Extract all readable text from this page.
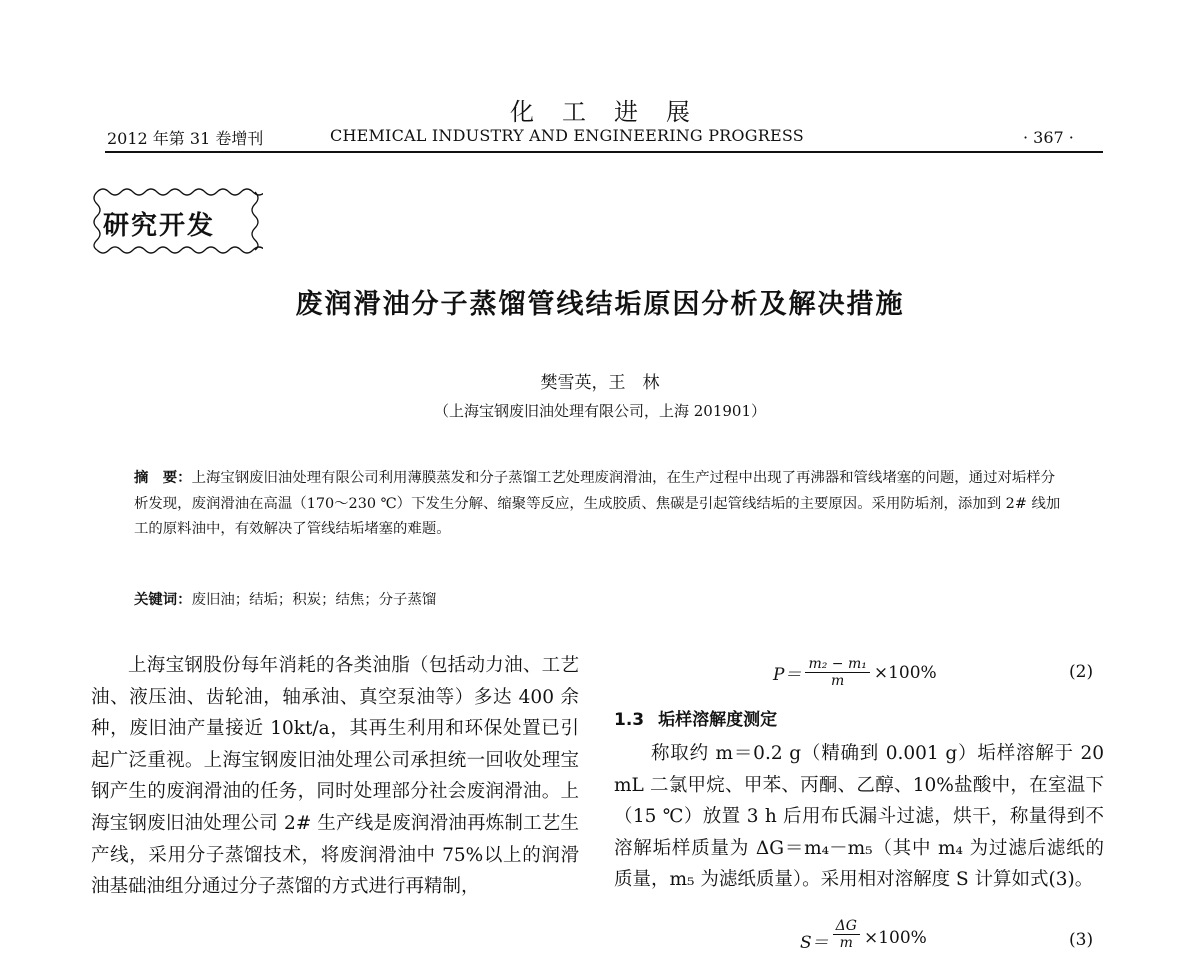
化工进展
2012 年第 31 卷增刊	CHEMICAL INDUSTRY AND ENGINEERING PROGRESS	· 367 ·
研究开发
废润滑油分子蒸馏管线结垢原因分析及解决措施
樊雪英，王　林
（上海宝钢废旧油处理有限公司，上海 201901）
摘　要：上海宝钢废旧油处理有限公司利用薄膜蒸发和分子蒸馏工艺处理废润滑油，在生产过程中出现了再沸器和管线堵塞的问题，通过对垢样分析发现，废润滑油在高温（170～230 ℃）下发生分解、缩聚等反应，生成胶质、焦碳是引起管线结垢的主要原因。采用防垢剂，添加到 2# 线加工的原料油中，有效解决了管线结垢堵塞的难题。
关键词：废旧油；结垢；积炭；结焦；分子蒸馏

上海宝钢股份每年消耗的各类油脂（包括动力油、工艺油、液压油、齿轮油，轴承油、真空泵油等）多达 400 余种，废旧油产量接近 10kt/a，其再生利用和环保处置已引起广泛重视。上海宝钢废旧油处理公司承担统一回收处理宝钢产生的废润滑油的任务，同时处理部分社会废润滑油。上海宝钢废旧油处理公司 2# 生产线是废润滑油再炼制工艺生产线，采用分子蒸馏技术，将废润滑油中 75%以上的润滑油基础油组分通过分子蒸馏的方式进行再精制，

$P= \frac{\text{m₂ − m₁}}{m} \times 100\%$	(2)
1.3 垢样溶解度测定

称取约 m＝0.2 g（精确到 0.001 g）垢样溶解于 20 mL 二氯甲烷、甲苯、丙酮、乙醇、10%盐酸中，在室温下（15 ℃）放置 3 h 后用布氏漏斗过滤，烘干，称量得到不溶解垢样质量为 ΔG＝m₄－m₅（其中 m₄ 为过滤后滤纸的质量，m₅ 为滤纸质量）。采用相对溶解度 S 计算如式(3)。

$S= \frac{\Delta G}{m} \times 100\%$	(3)
